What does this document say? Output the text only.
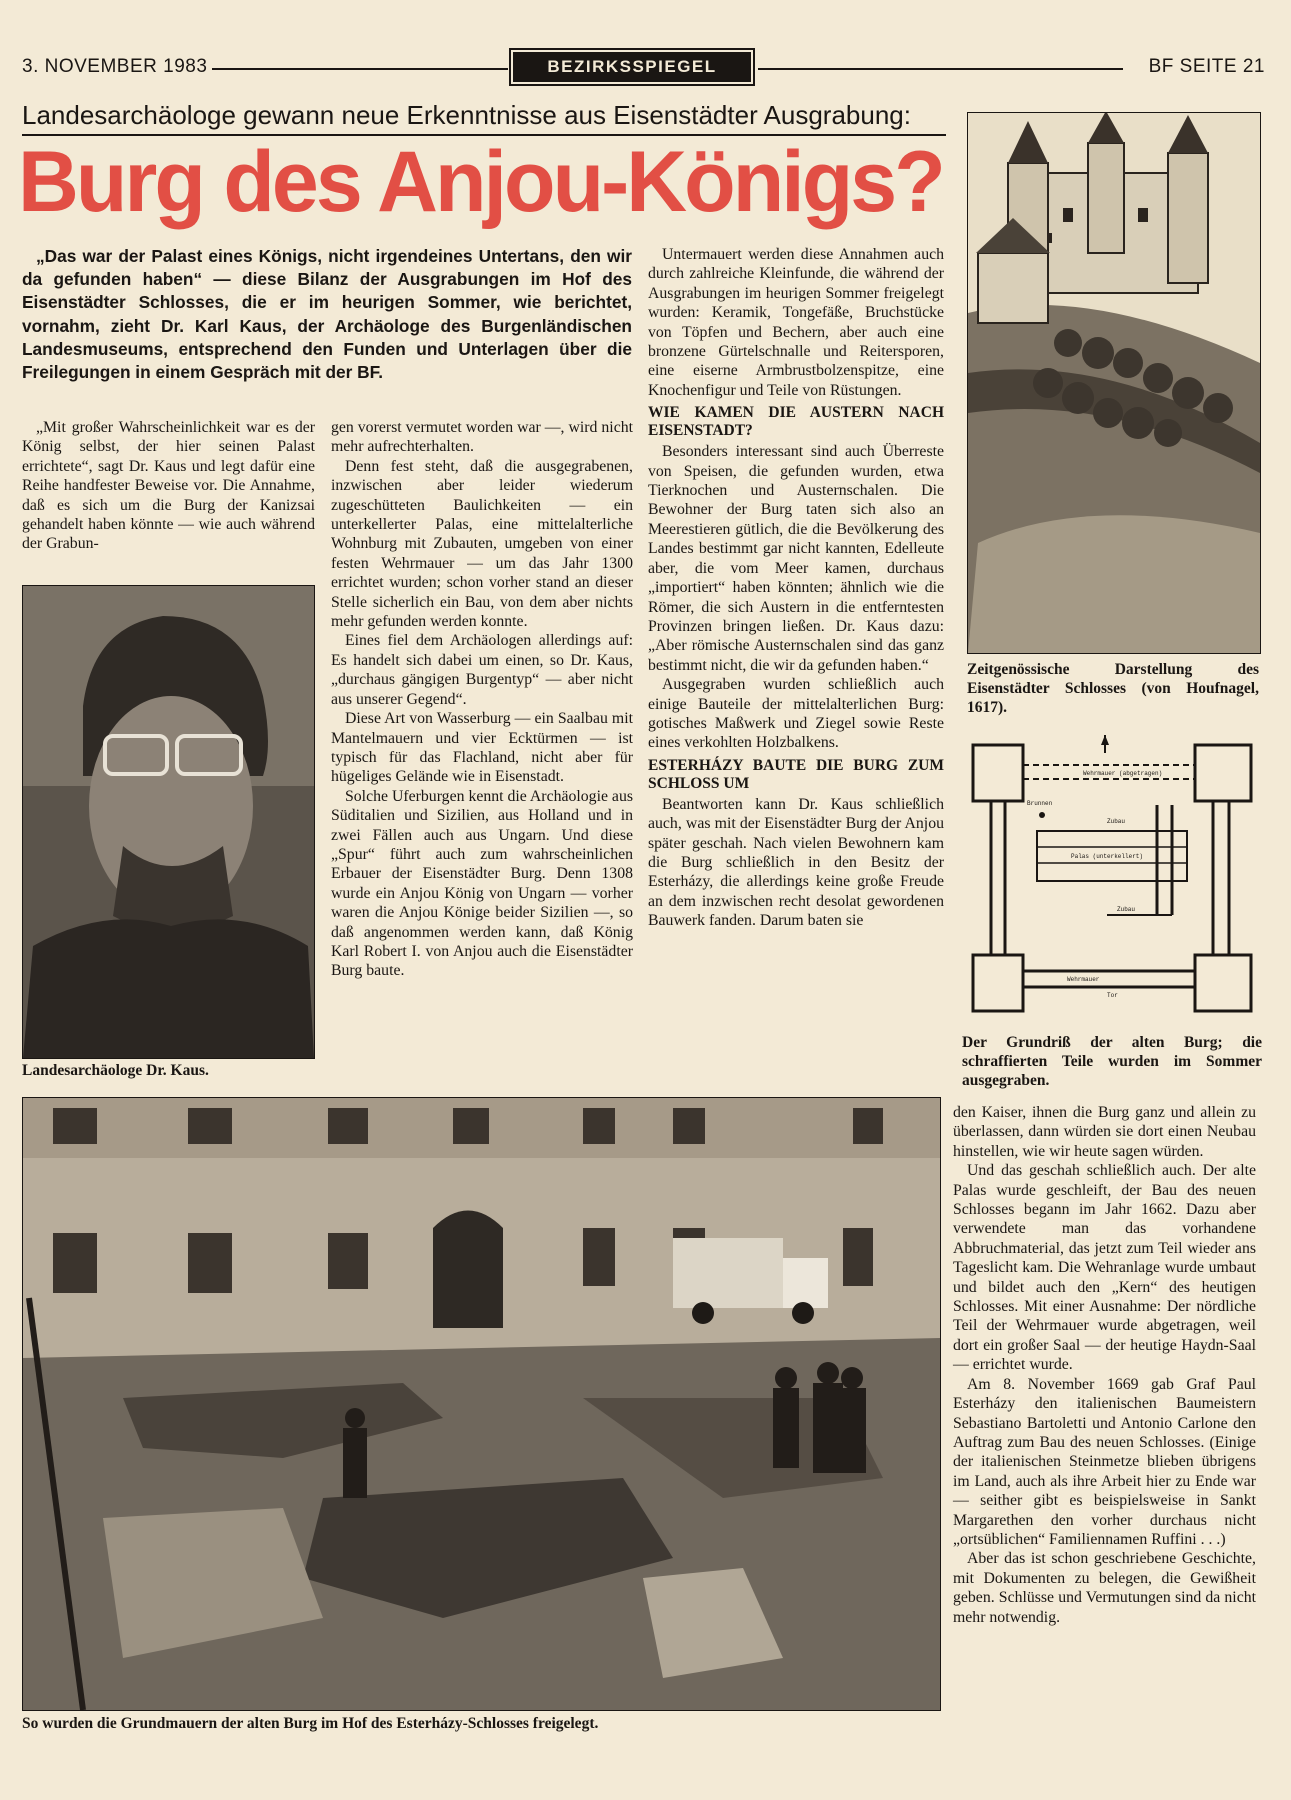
3. NOVEMBER 1983	BEZIRKSSPIEGEL	BF SEITE 21
Landesarchäologe gewann neue Erkenntnisse aus Eisenstädter Ausgrabung:
Burg des Anjou-Königs?
„Das war der Palast eines Königs, nicht irgendeines Untertans, den wir da gefunden haben“ — diese Bilanz der Ausgrabungen im Hof des Eisenstädter Schlosses, die er im heurigen Sommer, wie berichtet, vornahm, zieht Dr. Karl Kaus, der Archäologe des Burgenländischen Landesmuseums, entsprechend den Funden und Unterlagen über die Freilegungen in einem Gespräch mit der BF.

„Mit großer Wahrscheinlichkeit war es der König selbst, der hier seinen Palast errichtete“, sagt Dr. Kaus und legt dafür eine Reihe handfester Beweise vor. Die Annahme, daß es sich um die Burg der Kanizsai gehandelt haben könnte — wie auch während der Grabun-

Landesarchäologe Dr. Kaus.

gen vorerst vermutet worden war —, wird nicht mehr aufrechterhalten.

Denn fest steht, daß die ausgegrabenen, inzwischen aber leider wiederum zugeschütteten Baulichkeiten — ein unterkellerter Palas, eine mittelalterliche Wohnburg mit Zubauten, umgeben von einer festen Wehrmauer — um das Jahr 1300 errichtet wurden; schon vorher stand an dieser Stelle sicherlich ein Bau, von dem aber nichts mehr gefunden werden konnte.

Eines fiel dem Archäologen allerdings auf: Es handelt sich dabei um einen, so Dr. Kaus, „durchaus gängigen Burgentyp“ — aber nicht aus unserer Gegend“.

Diese Art von Wasserburg — ein Saalbau mit Mantelmauern und vier Ecktürmen — ist typisch für das Flachland, nicht aber für hügeliges Gelände wie in Eisenstadt.

Solche Uferburgen kennt die Archäologie aus Süditalien und Sizilien, aus Holland und in zwei Fällen auch aus Ungarn. Und diese „Spur“ führt auch zum wahrscheinlichen Erbauer der Eisenstädter Burg. Denn 1308 wurde ein Anjou König von Ungarn — vorher waren die Anjou Könige beider Sizilien —, so daß angenommen werden kann, daß König Karl Robert I. von Anjou auch die Eisenstädter Burg baute.

Untermauert werden diese Annahmen auch durch zahlreiche Kleinfunde, die während der Ausgrabungen im heurigen Sommer freigelegt wurden: Keramik, Tongefäße, Bruchstücke von Töpfen und Bechern, aber auch eine bronzene Gürtelschnalle und Reitersporen, eine eiserne Armbrustbolzenspitze, eine Knochenfigur und Teile von Rüstungen.

WIE KAMEN DIE AUSTERN NACH EISENSTADT?

Besonders interessant sind auch Überreste von Speisen, die gefunden wurden, etwa Tierknochen und Austernschalen. Die Bewohner der Burg taten sich also an Meerestieren gütlich, die die Bevölkerung des Landes bestimmt gar nicht kannten, Edelleute aber, die vom Meer kamen, durchaus „importiert“ haben könnten; ähnlich wie die Römer, die sich Austern in die entferntesten Provinzen bringen ließen. Dr. Kaus dazu: „Aber römische Austernschalen sind das ganz bestimmt nicht, die wir da gefunden haben.“

Ausgegraben wurden schließlich auch einige Bauteile der mittelalterlichen Burg: gotisches Maßwerk und Ziegel sowie Reste eines verkohlten Holzbalkens.

ESTERHÁZY BAUTE DIE BURG ZUM SCHLOSS UM

Beantworten kann Dr. Kaus schließlich auch, was mit der Eisenstädter Burg der Anjou später geschah. Nach vielen Bewohnern kam die Burg schließlich in den Besitz der Esterházy, die allerdings keine große Freude an dem inzwischen recht desolat gewordenen Bauwerk fanden. Darum baten sie

Zeitgenössische Darstellung des Eisenstädter Schlosses (von Houfnagel, 1617).
Wehrmauer (abgetragen)
Brunnen
Zubau
Palas (unterkellert)
Zubau
Wehrmauer
Tor
Der Grundriß der alten Burg; die schraffierten Teile wurden im Sommer ausgegraben.
So wurden die Grundmauern der alten Burg im Hof des Esterházy-Schlosses freigelegt.

den Kaiser, ihnen die Burg ganz und allein zu überlassen, dann würden sie dort einen Neubau hinstellen, wie wir heute sagen würden.

Und das geschah schließlich auch. Der alte Palas wurde geschleift, der Bau des neuen Schlosses begann im Jahr 1662. Dazu aber verwendete man das vorhandene Abbruchmaterial, das jetzt zum Teil wieder ans Tageslicht kam. Die Wehranlage wurde umbaut und bildet auch den „Kern“ des heutigen Schlosses. Mit einer Ausnahme: Der nördliche Teil der Wehrmauer wurde abgetragen, weil dort ein großer Saal — der heutige Haydn-Saal — errichtet wurde.

Am 8. November 1669 gab Graf Paul Esterházy den italienischen Baumeistern Sebastiano Bartoletti und Antonio Carlone den Auftrag zum Bau des neuen Schlosses. (Einige der italienischen Steinmetze blieben übrigens im Land, auch als ihre Arbeit hier zu Ende war — seither gibt es beispielsweise in Sankt Margarethen den vorher durchaus nicht „ortsüblichen“ Familiennamen Ruffini . . .)

Aber das ist schon geschriebene Geschichte, mit Dokumenten zu belegen, die Gewißheit geben. Schlüsse und Vermutungen sind da nicht mehr notwendig.
